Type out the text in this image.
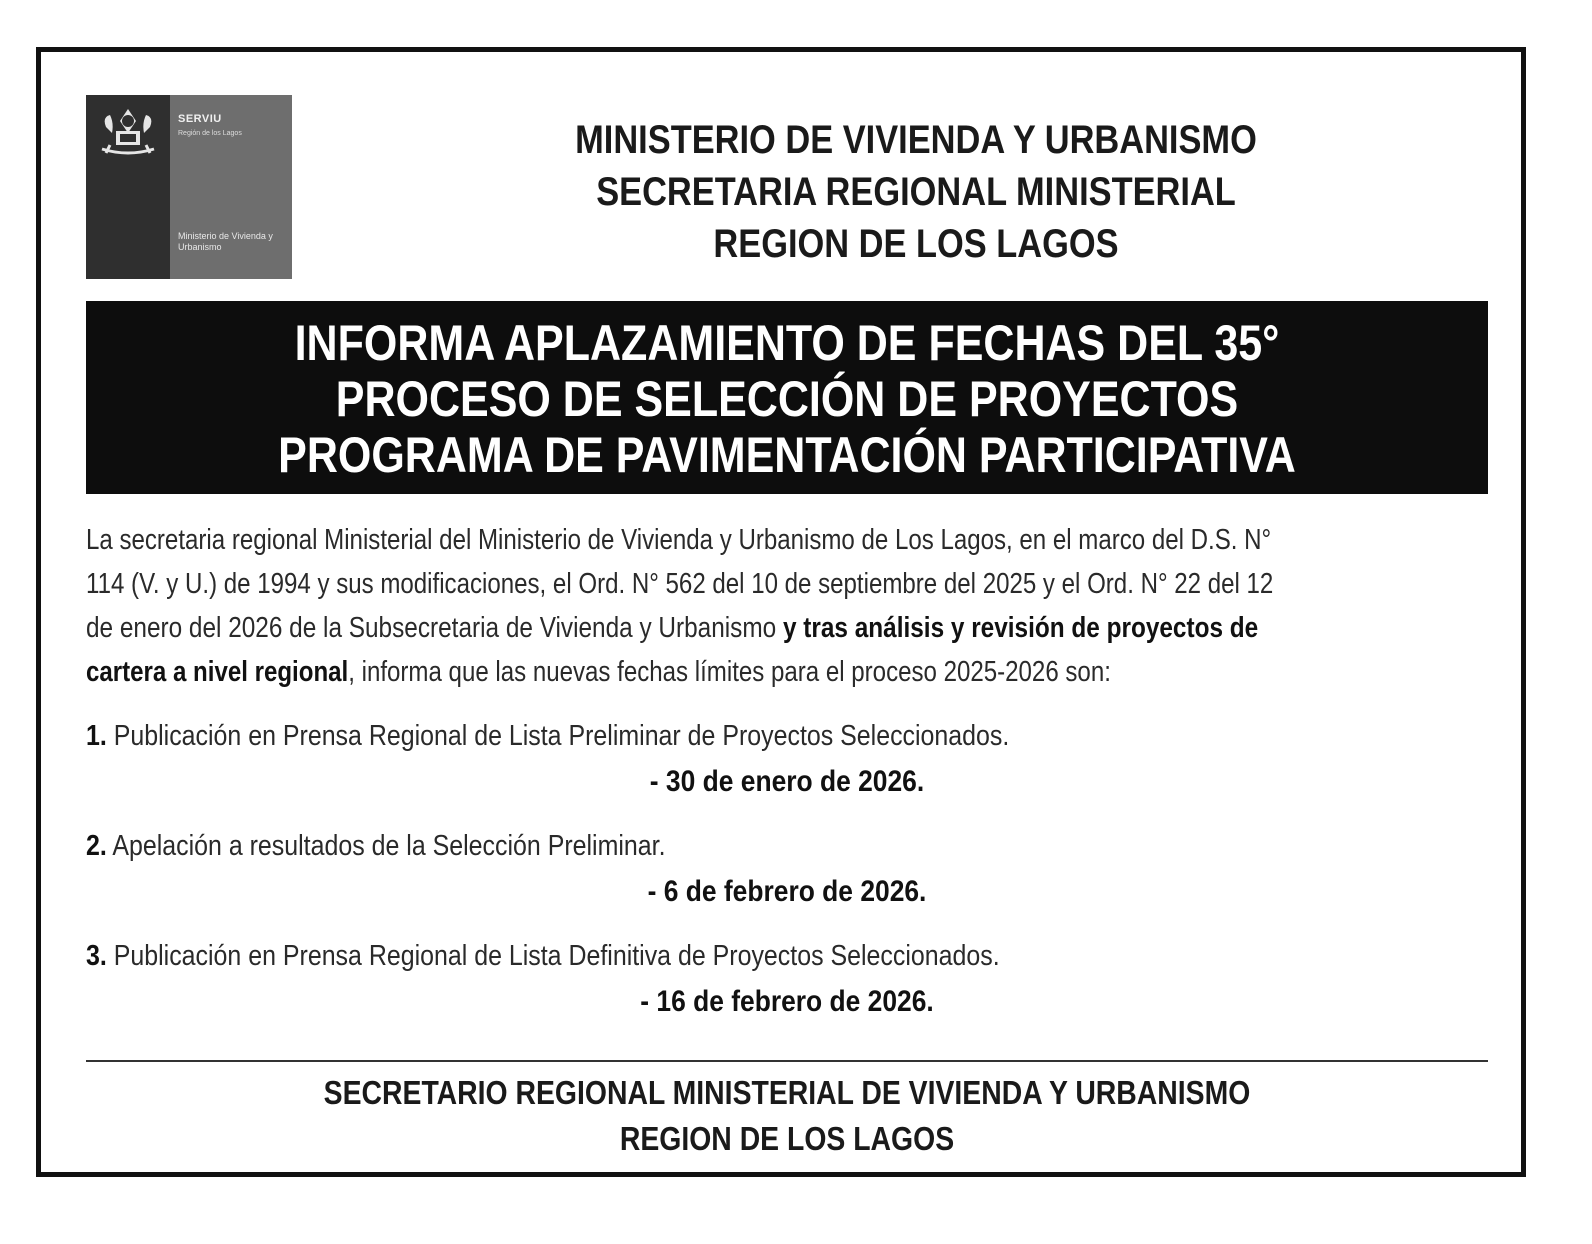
SERVIU
Región de los Lagos
Ministerio de Vivienda y Urbanismo
MINISTERIO DE VIVIENDA Y URBANISMO
SECRETARIA REGIONAL MINISTERIAL
REGION DE LOS LAGOS
INFORMA APLAZAMIENTO DE FECHAS DEL 35°
PROCESO DE SELECCIÓN DE PROYECTOS
PROGRAMA DE PAVIMENTACIÓN PARTICIPATIVA
La secretaria regional Ministerial del Ministerio de Vivienda y Urbanismo de Los Lagos, en el marco del D.S. N°
114 (V. y U.) de 1994 y sus modificaciones, el Ord. N° 562 del 10 de septiembre del 2025 y el Ord. N° 22 del 12
de enero del 2026 de la Subsecretaria de Vivienda y Urbanismo y tras análisis y revisión de proyectos de
cartera a nivel regional, informa que las nuevas fechas límites para el proceso 2025-2026 son:
1. Publicación en Prensa Regional de Lista Preliminar de Proyectos Seleccionados.
- 30 de enero de 2026.
2. Apelación a resultados de la Selección Preliminar.
- 6 de febrero de 2026.
3. Publicación en Prensa Regional de Lista Definitiva de Proyectos Seleccionados.
- 16 de febrero de 2026.
SECRETARIO REGIONAL MINISTERIAL DE VIVIENDA Y URBANISMO
REGION DE LOS LAGOS
